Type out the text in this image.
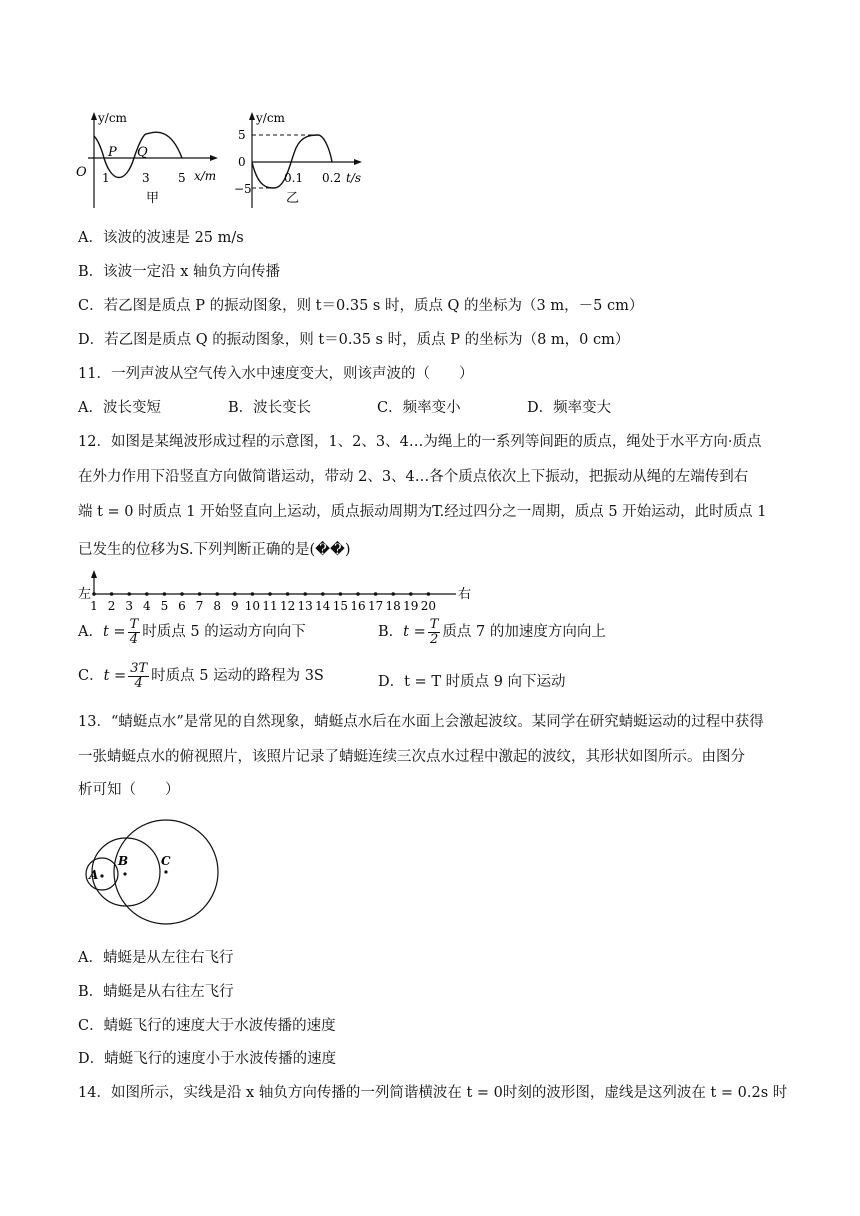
y/cm
x/m
O
P Q
1	3 5
甲
y/cm
t/s
5
0
−5
0.1 0.2
乙
A．该波的波速是 25 m/s
B．该波一定沿 x 轴负方向传播
C．若乙图是质点 P 的振动图象，则 t＝0.35 s 时，质点 Q 的坐标为（3 m，－5 cm）
D．若乙图是质点 Q 的振动图象，则 t＝0.35 s 时，质点 P 的坐标为（8 m，0 cm）
11．一列声波从空气传入水中速度变大，则该声波的（　　）
A．波长变短	B．波长变长	C．频率变小	D．频率变大
12．如图是某绳波形成过程的示意图，1、2、3、4…为绳上的一系列等间距的质点，绳处于水平方向·质点
在外力作用下沿竖直方向做简谐运动，带动 2、3、4…各个质点依次上下振动，把振动从绳的左端传到右
端 t = 0 时质点 1 开始竖直向上运动，质点振动周期为T.经过四分之一周期，质点 5 开始运动，此时质点 1
已发生的位移为S.下列判断正确的是(��)
左	右
1 2 3 4 5 6 7 8 9 10 11 12 13 14 15 16 17 18 19 20
A．$t = \frac{T}{4}$ 时质点 5 的运动方向向下	B．$t = \frac{T}{2}$ 质点 7 的加速度方向向上
C．$t = \frac{3T}{4}$ 时质点 5 运动的路程为 3S	D．t = T 时质点 9 向下运动
13．“蜻蜓点水”是常见的自然现象，蜻蜓点水后在水面上会激起波纹。某同学在研究蜻蜓运动的过程中获得
一张蜻蜓点水的俯视照片，该照片记录了蜻蜓连续三次点水过程中激起的波纹，其形状如图所示。由图分
析可知（　　）
A
B	C
A．蜻蜓是从左往右飞行
B．蜻蜓是从右往左飞行
C．蜻蜓飞行的速度大于水波传播的速度
D．蜻蜓飞行的速度小于水波传播的速度
14．如图所示，实线是沿 x 轴负方向传播的一列简谐横波在 t = 0时刻的波形图，虚线是这列波在 t = 0.2s 时
